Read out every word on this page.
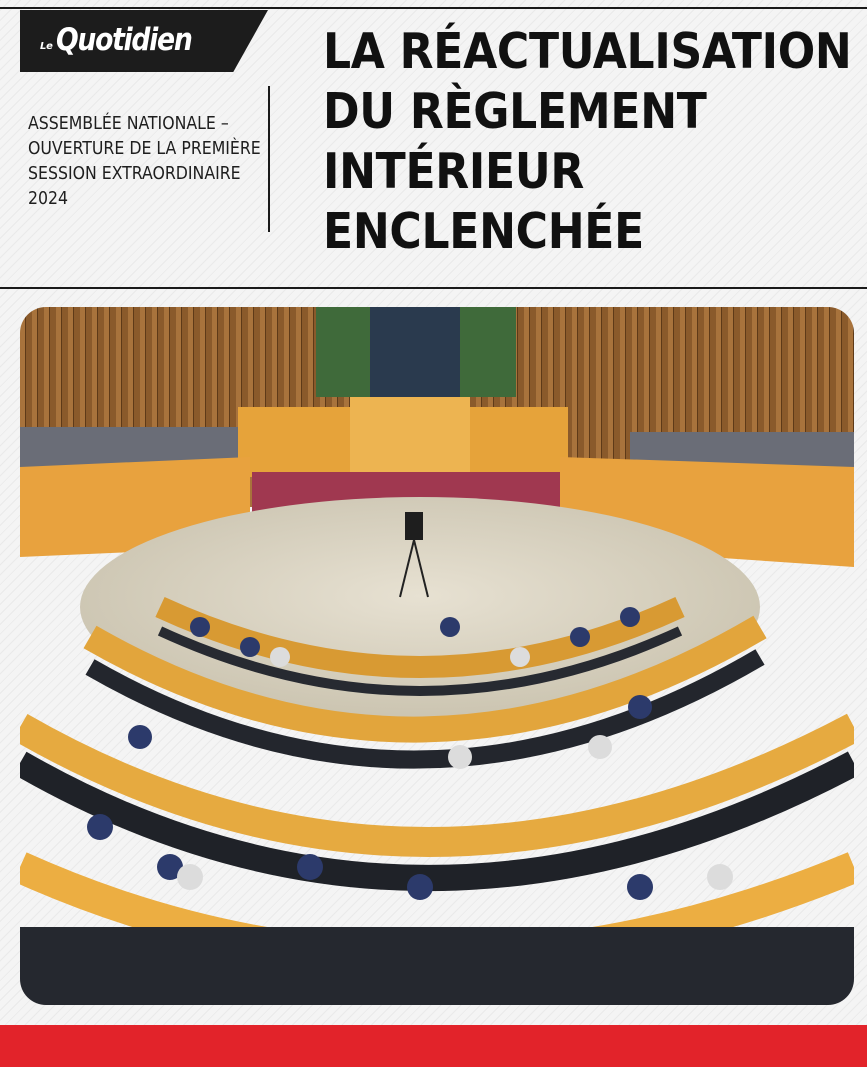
Le Quotidien

ASSEMBLÉE NATIONALE – OUVERTURE DE LA PREMIÈRE SESSION EXTRAORDINAIRE 2024

LA RÉACTUALISATION DU RÈGLEMENT INTÉRIEUR ENCLENCHÉE
